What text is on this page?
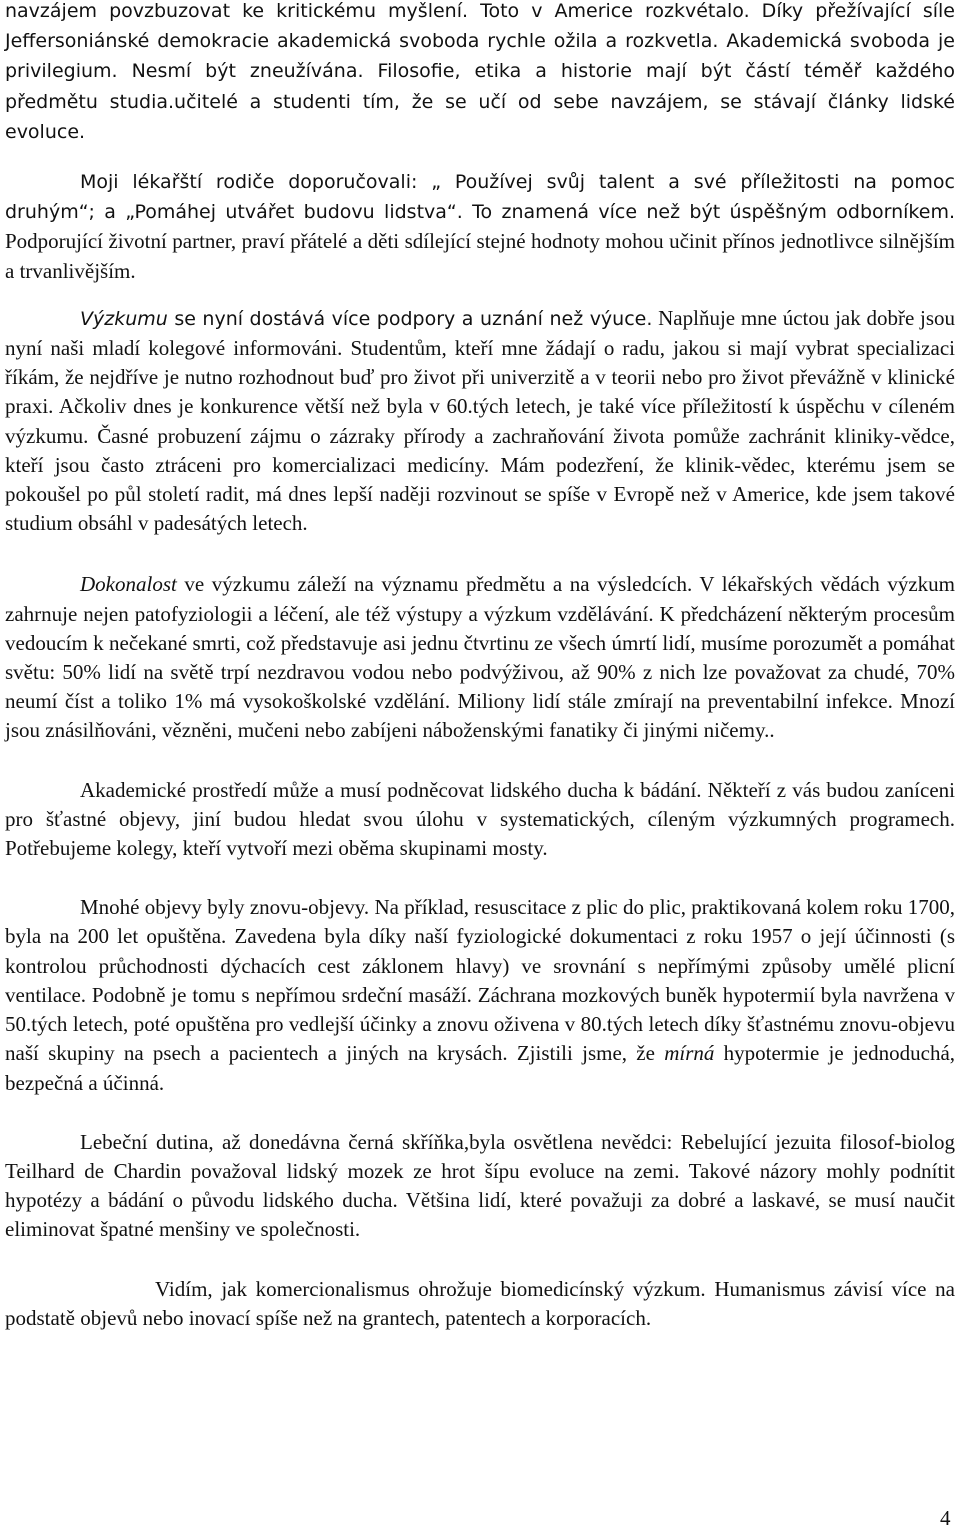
navzájem povzbuzovat ke kritickému myšlení. Toto v Americe rozkvétalo. Díky přežívající síle Jeffersoniánské demokracie akademická svoboda rychle ožila a rozkvetla. Akademická svoboda je privilegium. Nesmí být zneužívána. Filosofie, etika a historie mají být částí téměř každého předmětu studia.učitelé a studenti tím, že se učí od sebe navzájem, se stávají články lidské evoluce.

Moji lékařští rodiče doporučovali: „ Používej svůj talent a své příležitosti na pomoc druhým“; a „Pomáhej utvářet budovu lidstva“. To znamená více než být úspěšným odborníkem. Podporující životní partner, praví přátelé a děti sdílející stejné hodnoty mohou učinit přínos jednotlivce silnějším a trvanlivějším.

Výzkumu se nyní dostává více podpory a uznání než výuce. Naplňuje mne úctou jak dobře jsou nyní naši mladí kolegové informováni. Studentům, kteří mne žádají o radu, jakou si mají vybrat specializaci říkám, že nejdříve je nutno rozhodnout buď pro život při univerzitě a v teorii nebo pro život převážně v klinické praxi. Ačkoliv dnes je konkurence větší než byla v 60.tých letech, je také více příležitostí k úspěchu v cíleném výzkumu. Časné probuzení zájmu o zázraky přírody a zachraňování života pomůže zachránit kliniky-vědce, kteří jsou často ztráceni pro komercializaci medicíny. Mám podezření, že klinik-vědec, kterému jsem se pokoušel po půl století radit, má dnes lepší naději rozvinout se spíše v Evropě než v Americe, kde jsem takové studium obsáhl v padesátých letech.

Dokonalost ve výzkumu záleží na významu předmětu a na výsledcích. V lékařských vědách výzkum zahrnuje nejen patofyziologii a léčení, ale též výstupy a výzkum vzdělávání. K předcházení některým procesům vedoucím k nečekané smrti, což představuje asi jednu čtvrtinu ze všech úmrtí lidí, musíme porozumět a pomáhat světu: 50% lidí na světě trpí nezdravou vodou nebo podvýživou, až 90% z nich lze považovat za chudé, 70% neumí číst a toliko 1% má vysokoškolské vzdělání. Miliony lidí stále zmírají na preventabilní infekce. Mnozí jsou znásilňováni, vězněni, mučeni nebo zabíjeni náboženskými fanatiky či jinými ničemy..

Akademické prostředí může a musí podněcovat lidského ducha k bádání. Někteří z vás budou zaníceni pro šťastné objevy, jiní budou hledat svou úlohu v systematických, cíleným výzkumných programech. Potřebujeme kolegy, kteří vytvoří mezi oběma skupinami mosty.

Mnohé objevy byly znovu-objevy. Na příklad, resuscitace z plic do plic, praktikovaná kolem roku 1700, byla na 200 let opuštěna. Zavedena byla díky naší fyziologické dokumentaci z roku 1957 o její účinnosti (s kontrolou průchodnosti dýchacích cest záklonem hlavy) ve srovnání s nepřímými způsoby umělé plicní ventilace. Podobně je tomu s nepřímou srdeční masáží. Záchrana mozkových buněk hypotermií byla navržena v 50.tých letech, poté opuštěna pro vedlejší účinky a znovu oživena v 80.tých letech díky šťastnému znovu-objevu naší skupiny na psech a pacientech a jiných na krysách. Zjistili jsme, že mírná hypotermie je jednoduchá, bezpečná a účinná.

Lebeční dutina, až donedávna černá skříňka,byla osvětlena nevědci: Rebelující jezuita filosof-biolog Teilhard de Chardin považoval lidský mozek ze hrot šípu evoluce na zemi. Takové názory mohly podnítit hypotézy a bádání o původu lidského ducha. Většina lidí, které považuji za dobré a laskavé, se musí naučit eliminovat špatné menšiny ve společnosti.

Vidím, jak komercionalismus ohrožuje biomedicínský výzkum. Humanismus závisí více na podstatě objevů nebo inovací spíše než na grantech, patentech a korporacích.

4
